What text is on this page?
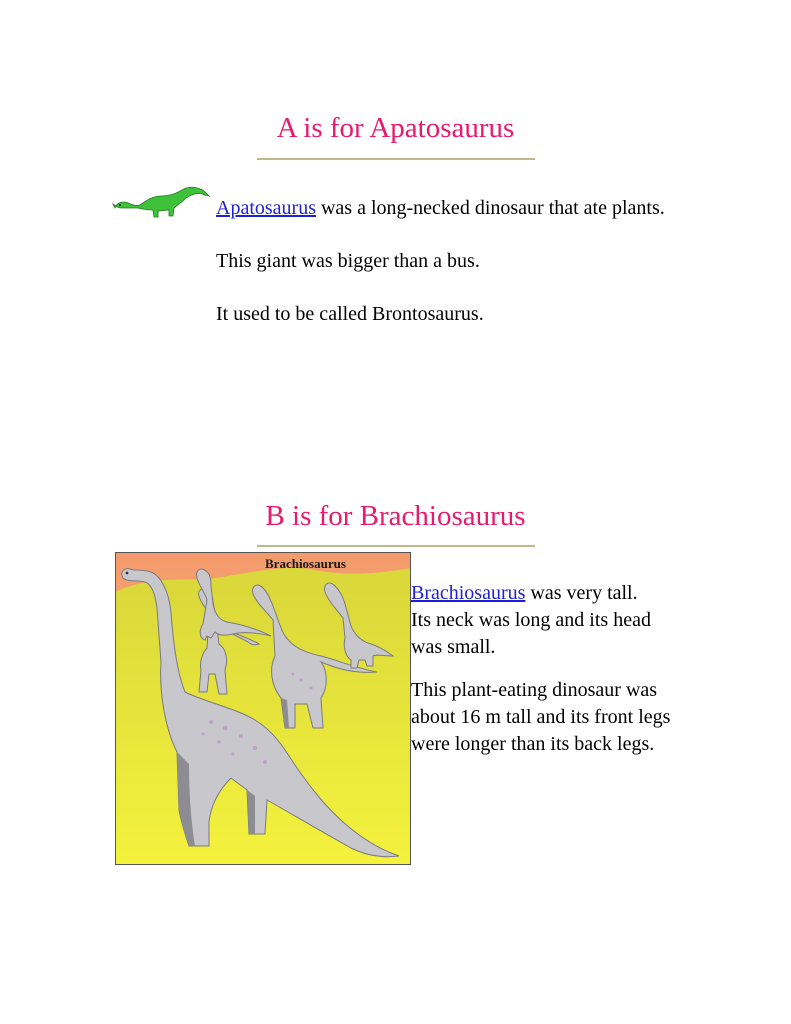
A is for Apatosaurus

Apatosaurus was a long-necked dinosaur that ate plants.

This giant was bigger than a bus.

It used to be called Brontosaurus.

B is for Brachiosaurus
Brachiosaurus

Brachiosaurus was very tall.
Its neck was long and its head was small.

This plant-eating dinosaur was about 16 m tall and its front legs were longer than its back legs.
